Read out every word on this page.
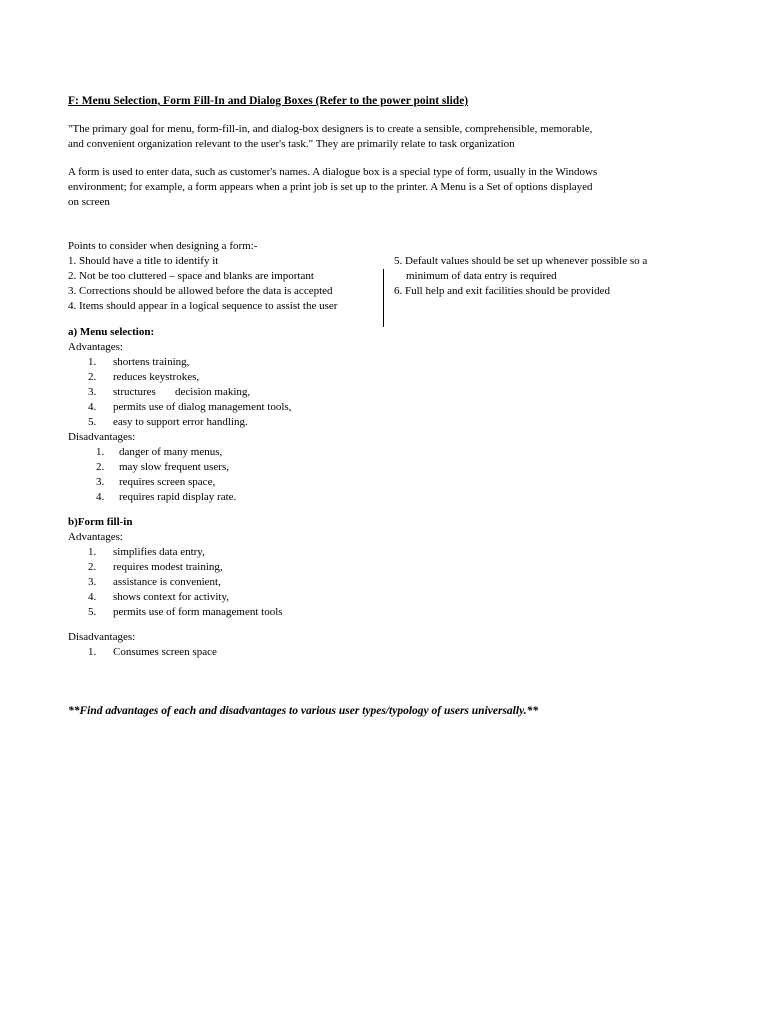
F: Menu Selection, Form Fill-In and Dialog Boxes (Refer to the power point slide)
"The primary goal for menu, form-fill-in, and dialog-box designers is to create a sensible, comprehensible, memorable,
and convenient organization relevant to the user's task." They are primarily relate to task organization
A form is used to enter data, such as customer's names. A dialogue box is a special type of form, usually in the Windows
environment; for example, a form appears when a print job is set up to the printer. A Menu is a Set of options displayed
on screen
Points to consider when designing a form:-
1. Should have a title to identify it
2. Not be too cluttered – space and blanks are important
3. Corrections should be allowed before the data is accepted
4. Items should appear in a logical sequence to assist the user
5. Default values should be set up whenever possible so a
minimum of data entry is required
6. Full help and exit facilities should be provided
a) Menu selection:
Advantages:
1.	shortens training,
2.	reduces keystrokes,
3.	structures       decision making,
4.	permits use of dialog management tools,
5.	easy to support error handling.
Disadvantages:
1.	danger of many menus,
2.	may slow frequent users,
3.	requires screen space,
4.	requires rapid display rate.
b)Form fill-in
Advantages:
1.	simplifies data entry,
2.	requires modest training,
3.	assistance is convenient,
4.	shows context for activity,
5.	permits use of form management tools
Disadvantages:
1.	Consumes screen space
**Find advantages of each and disadvantages to various user types/typology of users universally.**
